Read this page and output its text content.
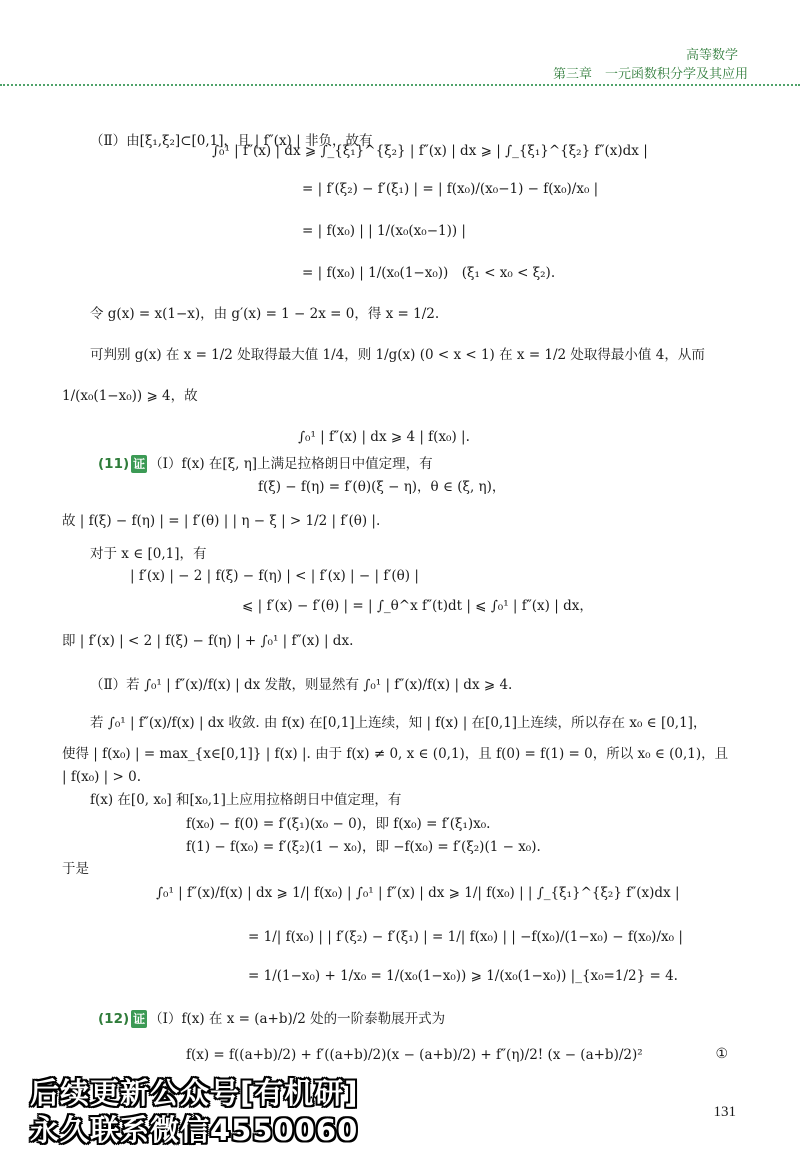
高等数学
第三章　一元函数积分学及其应用
（Ⅱ）由[ξ₁,ξ₂]⊂[0,1]，且 | f″(x) | 非负，故有
∫₀¹ | f″(x) | dx ⩾ ∫_{ξ₁}^{ξ₂} | f″(x) | dx ⩾ | ∫_{ξ₁}^{ξ₂} f″(x)dx |
= | f′(ξ₂) − f′(ξ₁) | = | f(x₀)/(x₀−1) − f(x₀)/x₀ |
= | f(x₀) | | 1/(x₀(x₀−1)) |
= | f(x₀) | 1/(x₀(1−x₀))　(ξ₁ < x₀ < ξ₂).
令 g(x) = x(1−x)，由 g′(x) = 1 − 2x = 0，得 x = 1/2.
可判别 g(x) 在 x = 1/2 处取得最大值 1/4，则 1/g(x) (0 < x < 1) 在 x = 1/2 处取得最小值 4，从而
1/(x₀(1−x₀)) ⩾ 4，故
∫₀¹ | f″(x) | dx ⩾ 4 | f(x₀) |.
f(ξ) − f(η) = f′(θ)(ξ − η)，θ ∈ (ξ, η)，
故 | f(ξ) − f(η) | = | f′(θ) | | η − ξ | > 1/2 | f′(θ) |.
对于 x ∈ [0,1]，有
| f′(x) | − 2 | f(ξ) − f(η) | < | f′(x) | − | f′(θ) |
⩽ | f′(x) − f′(θ) | = | ∫_θ^x f″(t)dt | ⩽ ∫₀¹ | f″(x) | dx，
即 | f′(x) | < 2 | f(ξ) − f(η) | + ∫₀¹ | f″(x) | dx.
（Ⅱ）若 ∫₀¹ | f″(x)/f(x) | dx 发散，则显然有 ∫₀¹ | f″(x)/f(x) | dx ⩾ 4.
若 ∫₀¹ | f″(x)/f(x) | dx 收敛. 由 f(x) 在[0,1]上连续，知 | f(x) | 在[0,1]上连续，所以存在 x₀ ∈ [0,1]，
使得 | f(x₀) | = max_{x∈[0,1]} | f(x) |. 由于 f(x) ≠ 0, x ∈ (0,1)，且 f(0) = f(1) = 0，所以 x₀ ∈ (0,1)，且
| f(x₀) | > 0.
f(x) 在[0, x₀] 和[x₀,1]上应用拉格朗日中值定理，有
f(x₀) − f(0) = f′(ξ₁)(x₀ − 0)，即 f(x₀) = f′(ξ₁)x₀.
f(1) − f(x₀) = f′(ξ₂)(1 − x₀)，即 −f(x₀) = f′(ξ₂)(1 − x₀).
于是
∫₀¹ | f″(x)/f(x) | dx ⩾ 1/| f(x₀) | ∫₀¹ | f″(x) | dx ⩾ 1/| f(x₀) | | ∫_{ξ₁}^{ξ₂} f″(x)dx |
= 1/| f(x₀) | | f′(ξ₂) − f′(ξ₁) | = 1/| f(x₀) | | −f(x₀)/(1−x₀) − f(x₀)/x₀ |
= 1/(1−x₀) + 1/x₀ = 1/(x₀(1−x₀)) ⩾ 1/(x₀(1−x₀)) |_{x₀=1/2} = 4.
f(x) = f((a+b)/2) + f′((a+b)/2)(x − (a+b)/2) + f″(η)/2! (x − (a+b)/2)²
(11) 证 （Ⅰ）f(x) 在[ξ, η]上满足拉格朗日中值定理，有
(12) 证 （Ⅰ）f(x) 在 x = (a+b)/2 处的一阶泰勒展开式为
①
131
后续更新公众号[有机研]
永久联系微信4550060
